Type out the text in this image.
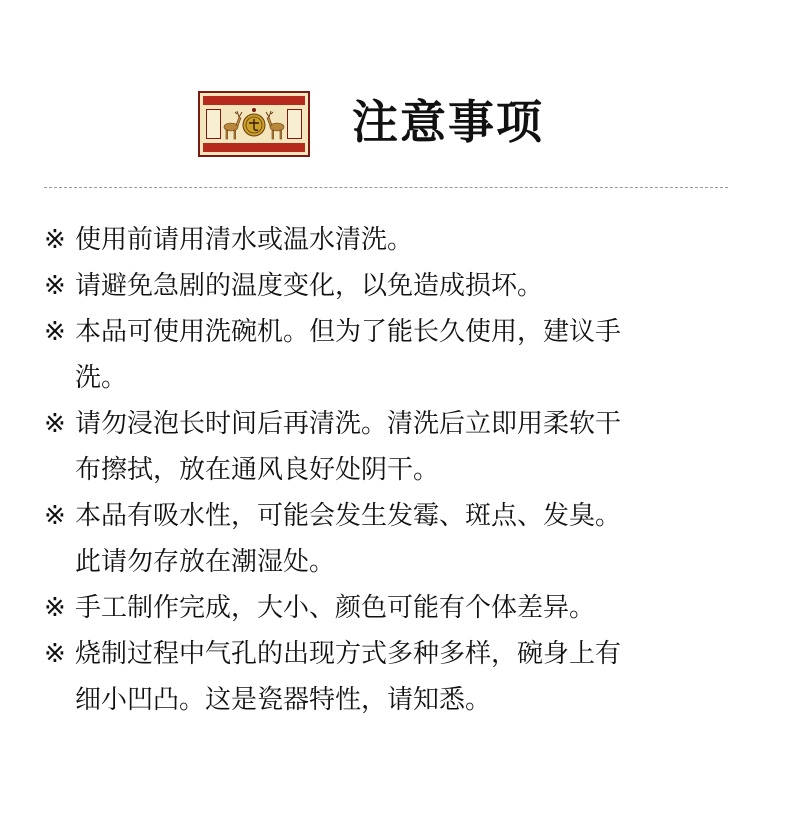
注意事项
※ 使用前请用清水或温水清洗。
※ 请避免急剧的温度变化，以免造成损坏。
※ 本品可使用洗碗机。但为了能长久使用，建议手
洗。
※ 请勿浸泡长时间后再清洗。清洗后立即用柔软干
布擦拭，放在通风良好处阴干。
※ 本品有吸水性，可能会发生发霉、斑点、发臭。
此请勿存放在潮湿处。
※ 手工制作完成，大小、颜色可能有个体差异。
※ 烧制过程中气孔的出现方式多种多样，碗身上有
细小凹凸。这是瓷器特性，请知悉。
